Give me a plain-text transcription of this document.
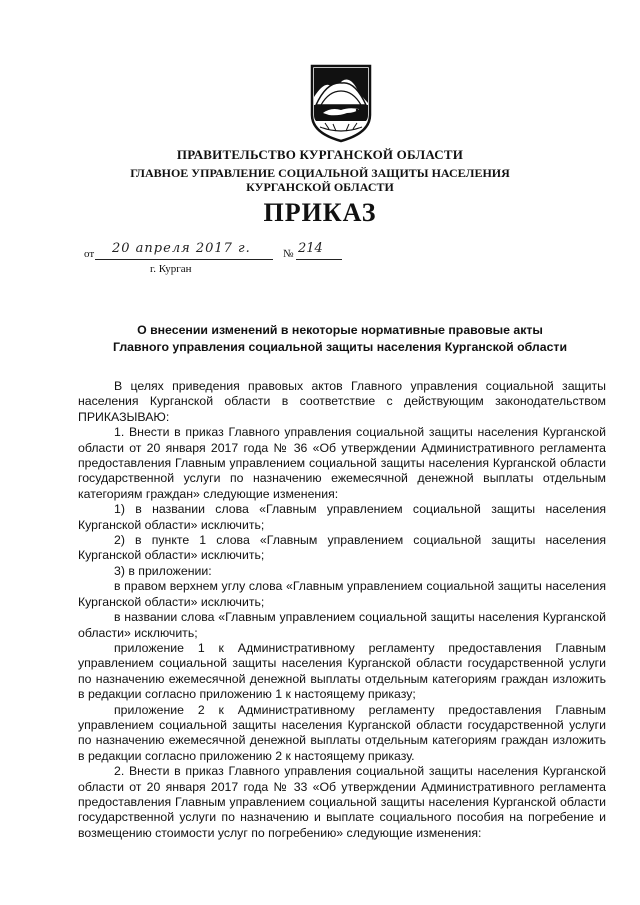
ПРАВИТЕЛЬСТВО КУРГАНСКОЙ ОБЛАСТИ
ГЛАВНОЕ УПРАВЛЕНИЕ СОЦИАЛЬНОЙ ЗАЩИТЫ НАСЕЛЕНИЯ
КУРГАНСКОЙ ОБЛАСТИ
ПРИКАЗ
от 20 апреля 2017 г.	№ 214
г. Курган
О внесении изменений в некоторые нормативные правовые акты
Главного управления социальной защиты населения Курганской области

В целях приведения правовых актов Главного управления социальной защиты населения Курганской области в соответствие с действующим законодательством ПРИКАЗЫВАЮ:

1. Внести в приказ Главного управления социальной защиты населения Курганской области от 20 января 2017 года № 36 «Об утверждении Административного регламента предоставления Главным управлением социальной защиты населения Курганской области государственной услуги по назначению ежемесячной денежной выплаты отдельным категориям граждан» следующие изменения:

1) в названии слова «Главным управлением социальной защиты населения Курганской области» исключить;

2) в пункте 1 слова «Главным управлением социальной защиты населения Курганской области» исключить;

3) в приложении:

в правом верхнем углу слова «Главным управлением социальной защиты населения Курганской области» исключить;

в названии слова «Главным управлением социальной защиты населения Курганской области» исключить;

приложение 1 к Административному регламенту предоставления Главным управлением социальной защиты населения Курганской области государственной услуги по назначению ежемесячной денежной выплаты отдельным категориям граждан изложить в редакции согласно приложению 1 к настоящему приказу;

приложение 2 к Административному регламенту предоставления Главным управлением социальной защиты населения Курганской области государственной услуги по назначению ежемесячной денежной выплаты отдельным категориям граждан изложить в редакции согласно приложению 2 к настоящему приказу.

2. Внести в приказ Главного управления социальной защиты населения Курганской области от 20 января 2017 года № 33 «Об утверждении Административного регламента предоставления Главным управлением социальной защиты населения Курганской области государственной услуги по назначению и выплате социального пособия на погребение и возмещению стоимости услуг по погребению» следующие изменения:
